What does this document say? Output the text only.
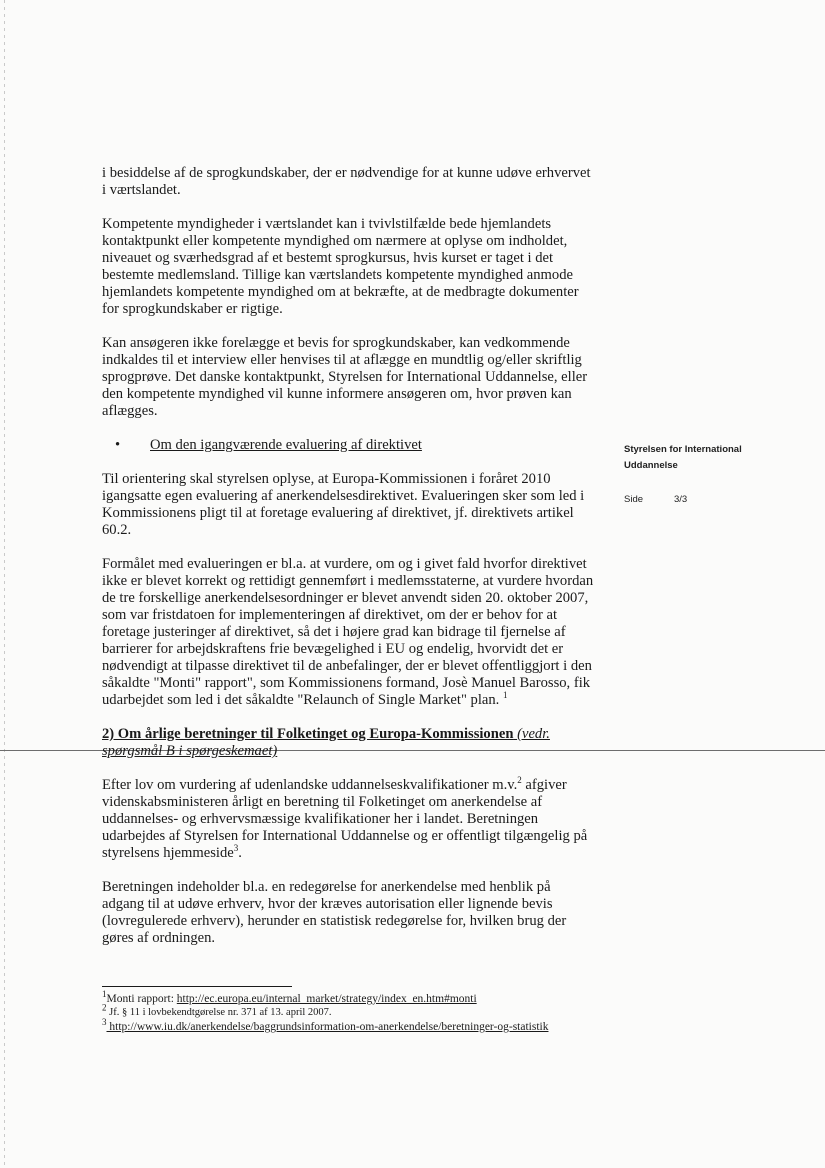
i besiddelse af de sprogkundskaber, der er nødvendige for at kunne udøve erhvervet i værtslandet.

Kompetente myndigheder i værtslandet kan i tvivlstilfælde bede hjemlandets kontaktpunkt eller kompetente myndighed om nærmere at oplyse om indholdet, niveauet og sværhedsgrad af et bestemt sprogkursus, hvis kurset er taget i det bestemte medlemsland. Tillige kan værtslandets kompetente myndighed anmode hjemlandets kompetente myndighed om at bekræfte, at de medbragte dokumenter for sprogkundskaber er rigtige.

Kan ansøgeren ikke forelægge et bevis for sprogkundskaber, kan vedkommende indkaldes til et interview eller henvises til at aflægge en mundtlig og/eller skriftlig sprogprøve. Det danske kontaktpunkt, Styrelsen for International Uddannelse, eller den kompetente myndighed vil kunne informere ansøgeren om, hvor prøven kan aflægges.

•	Om den igangværende evaluering af direktivet

Til orientering skal styrelsen oplyse, at Europa-Kommissionen i foråret 2010 igangsatte egen evaluering af anerkendelsesdirektivet. Evalueringen sker som led i Kommissionens pligt til at foretage evaluering af direktivet, jf. direktivets artikel 60.2.

Formålet med evalueringen er bl.a. at vurdere, om og i givet fald hvorfor direktivet ikke er blevet korrekt og rettidigt gennemført i medlemsstaterne, at vurdere hvordan de tre forskellige anerkendelsesordninger er blevet anvendt siden 20. oktober 2007, som var fristdatoen for implementeringen af direktivet, om der er behov for at foretage justeringer af direktivet, så det i højere grad kan bidrage til fjernelse af barrierer for arbejdskraftens frie bevægelighed i EU og endelig, hvorvidt det er nødvendigt at tilpasse direktivet til de anbefalinger, der er blevet offentliggjort i den såkaldte "Monti" rapport", som Kommissionens formand, Josè Manuel Barosso, fik udarbejdet som led i det såkaldte "Relaunch of Single Market" plan. $^1$

2) Om årlige beretninger til Folketinget og Europa-Kommissionen (vedr. spørgsmål B i spørgeskemaet)

Efter lov om vurdering af udenlandske uddannelseskvalifikationer m.v.$^2$ afgiver videnskabsministeren årligt en beretning til Folketinget om anerkendelse af uddannelses- og erhvervsmæssige kvalifikationer her i landet. Beretningen udarbejdes af Styrelsen for International Uddannelse og er offentligt tilgængelig på styrelsens hjemmeside$^3$.

Beretningen indeholder bl.a. en redegørelse for anerkendelse med henblik på adgang til at udøve erhverv, hvor der kræves autorisation eller lignende bevis (lovregulerede erhverv), herunder en statistisk redegørelse for, hvilken brug der gøres af ordningen.

$^1$Monti rapport: http://ec.europa.eu/internal_market/strategy/index_en.htm#monti

$^2$ Jf. § 11 i lovbekendtgørelse nr. 371 af 13. april 2007.

$^3$ http://www.iu.dk/anerkendelse/baggrundsinformation-om-anerkendelse/beretninger-og-statistik

Styrelsen for International
Uddannelse
Side	3/3
